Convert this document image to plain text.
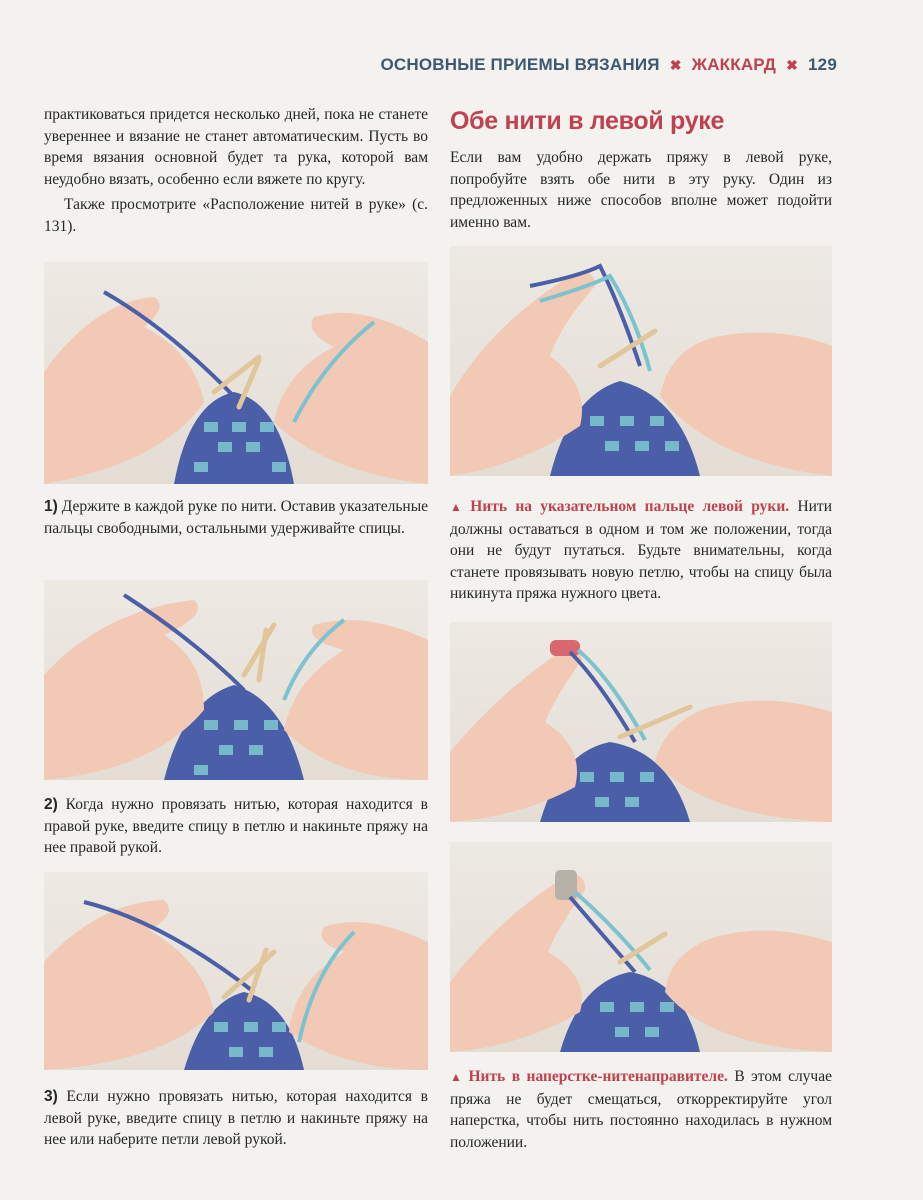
ОСНОВНЫЕ ПРИЕМЫ ВЯЗАНИЯ ✖ ЖАККАРД ✖ 129

практиковаться придется несколько дней, пока не станете увереннее и вязание не станет автоматическим. Пусть во время вязания основной будет та рука, которой вам неудобно вязать, особенно если вяжете по кругу.

Также просмотрите «Расположение нитей в руке» (с. 131).

1) Держите в каждой руке по нити. Оставив указательные пальцы свободными, остальными удерживайте спицы.
2) Когда нужно провязать нитью, которая находится в правой руке, введите спицу в петлю и накиньте пряжу на нее правой рукой.
3) Если нужно провязать нитью, которая находится в левой руке, введите спицу в петлю и накиньте пряжу на нее или наберите петли левой рукой.
Обе нити в левой руке

Если вам удобно держать пряжу в левой руке, попробуйте взять обе нити в эту руку. Один из предложенных ниже способов вполне может подойти именно вам.

▲ Нить на указательном пальце левой руки. Нити должны оставаться в одном и том же положении, тогда они не будут путаться. Будьте внимательны, когда станете провязывать новую петлю, чтобы на спицу была никинута пряжа нужного цвета.
▲ Нить в наперстке-нитенаправителе. В этом случае пряжа не будет смещаться, откорректируйте угол наперстка, чтобы нить постоянно находилась в нужном положении.
